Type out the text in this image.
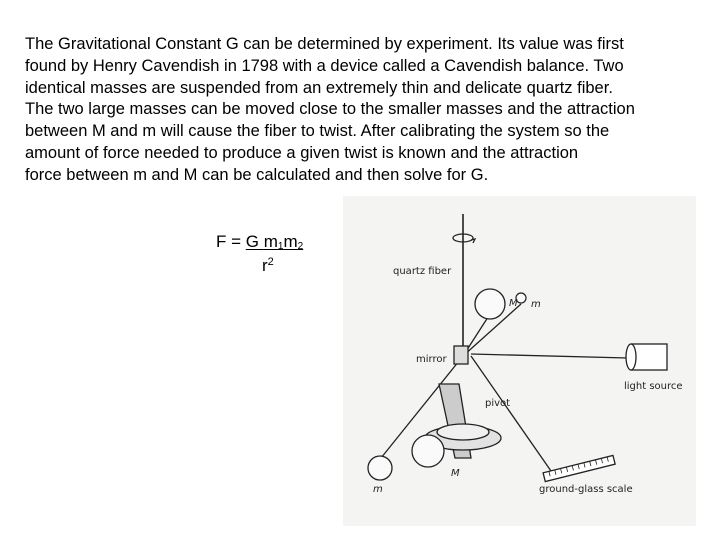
The Gravitational Constant G can be determined by experiment. Its value was first
found by Henry Cavendish in 1798 with a device called a Cavendish balance. Two
identical masses are suspended from an extremely thin and delicate quartz fiber.
The two large masses can be moved close to the smaller masses and the attraction
between M and m will cause the fiber to twist. After calibrating the system so the
amount of force needed to produce a given twist is known and the attraction
force between m and M can be calculated and then solve for G.
F = G $m_1m_2$
$r^2$
quartz fiber
M m
mirror
light source
pivot
M
m	ground-glass scale
